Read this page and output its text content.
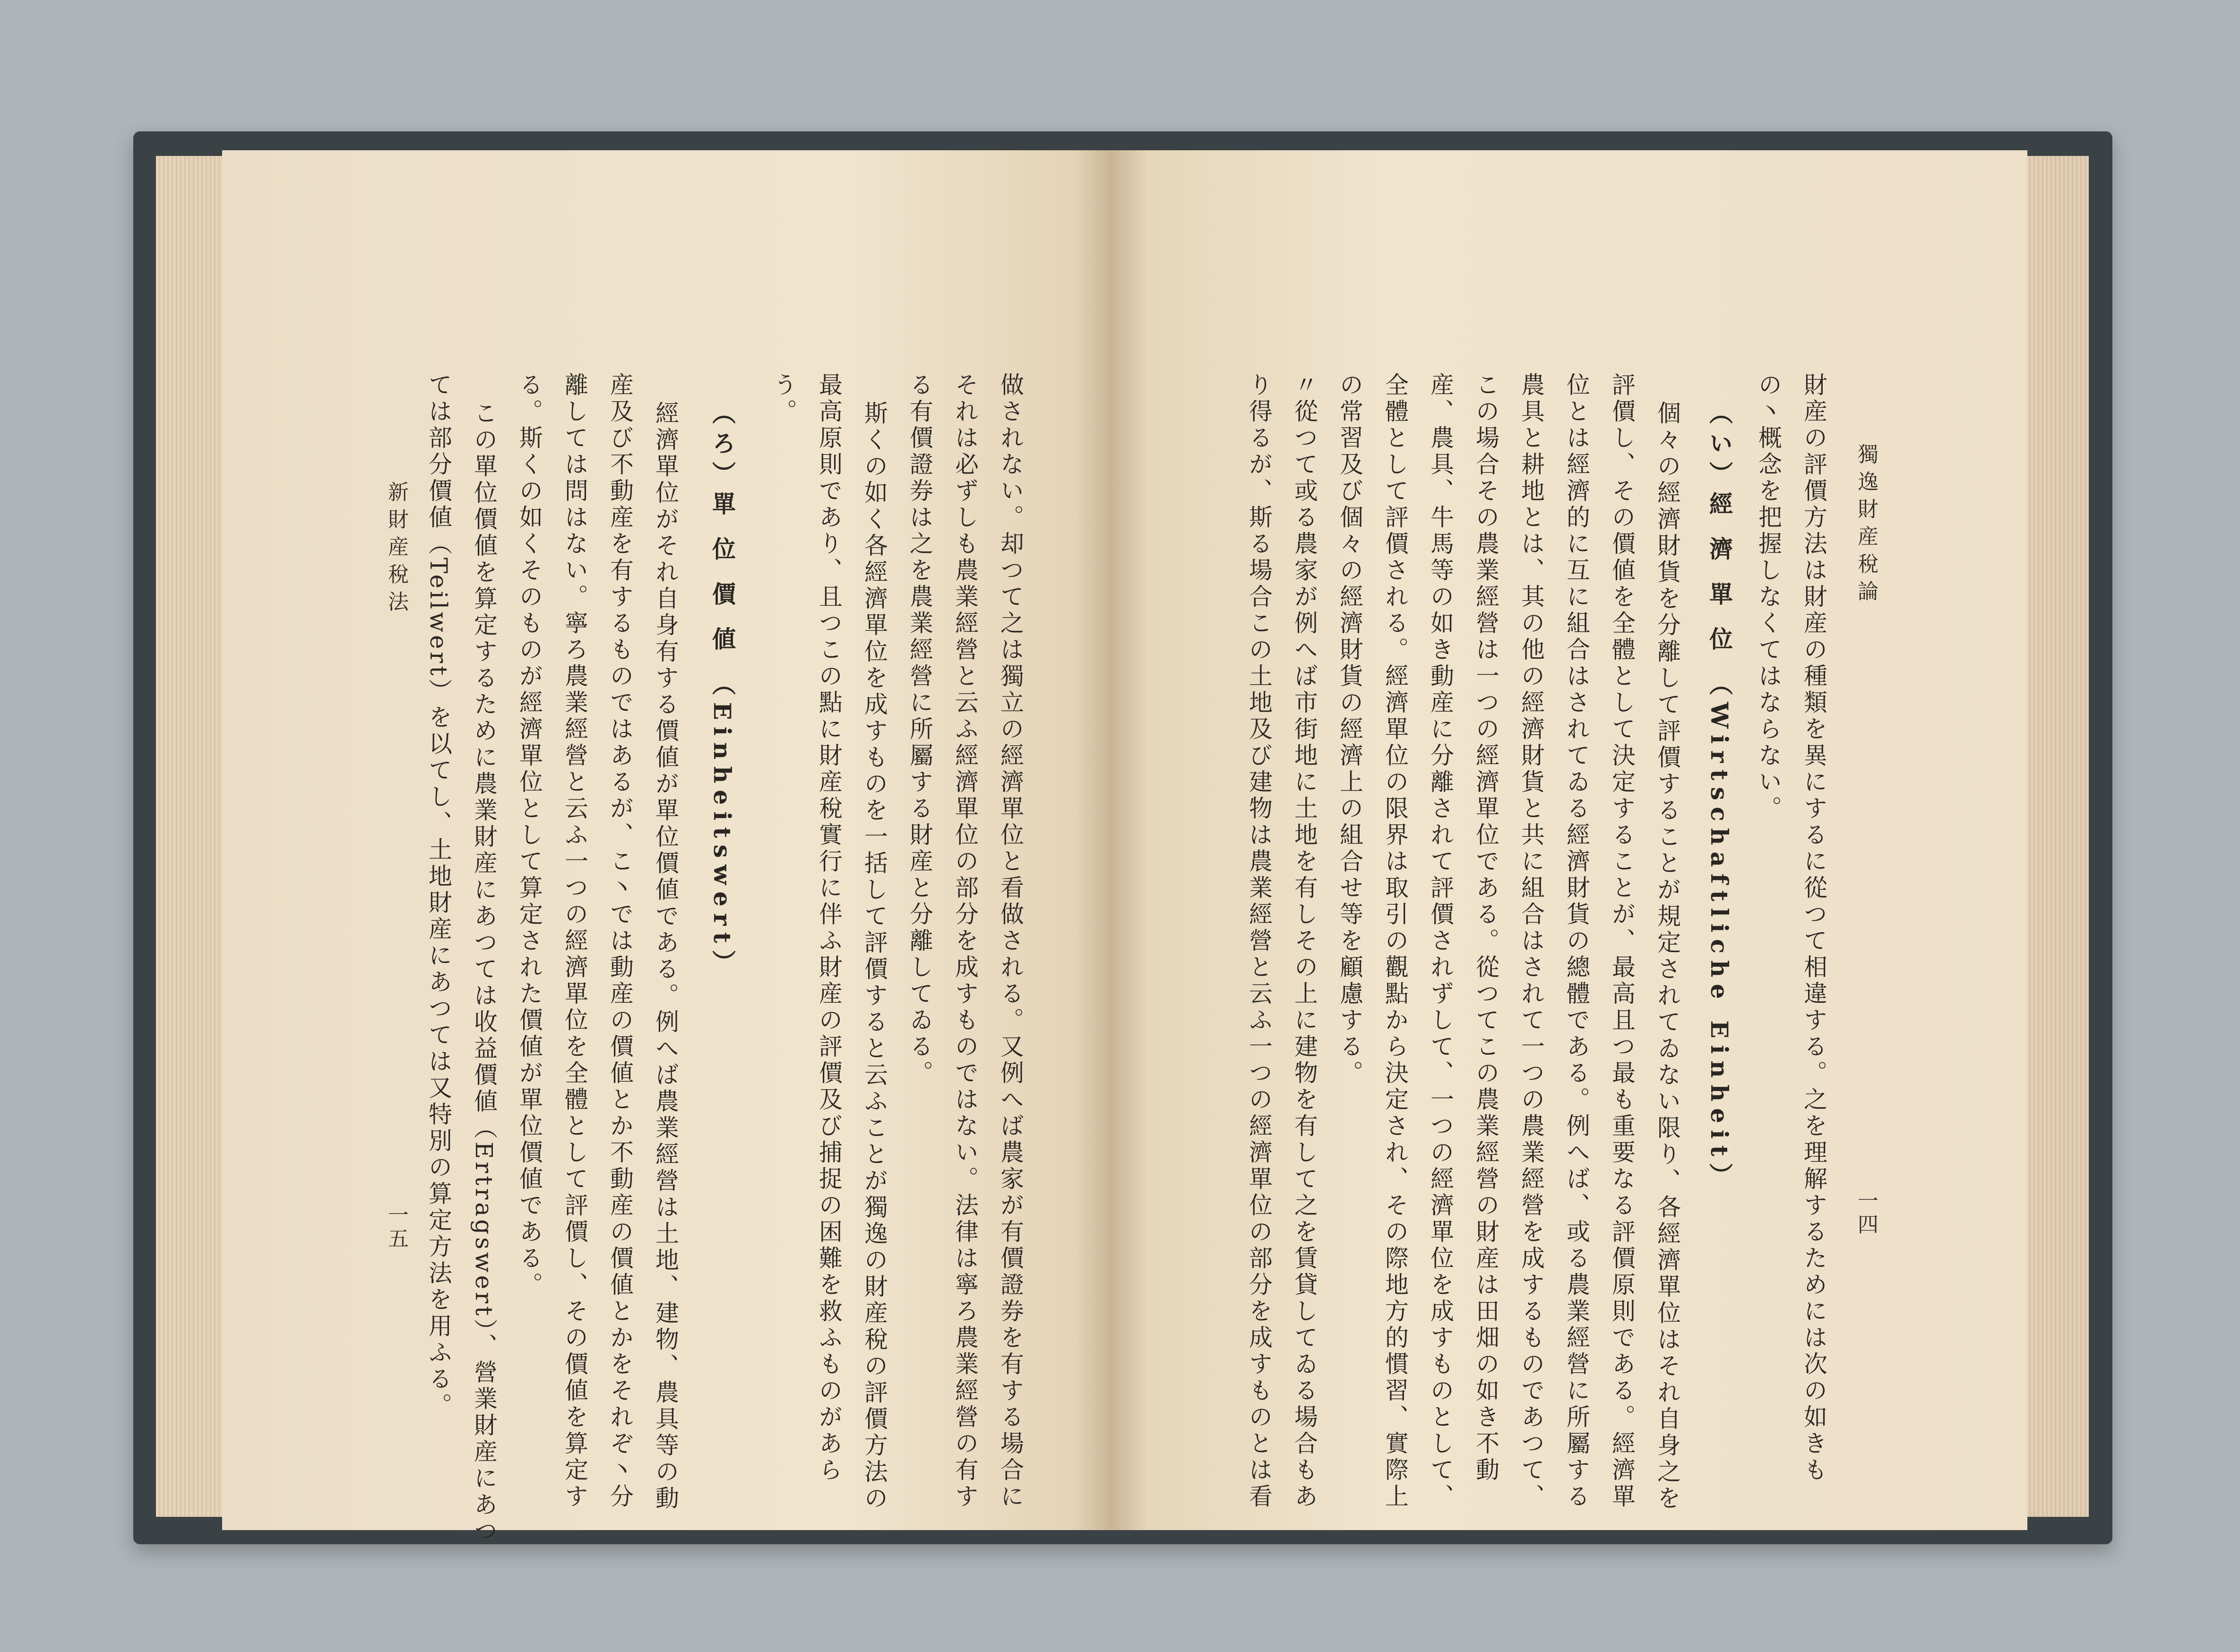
做されない。却つて之は獨立の經濟單位と看做される。又例へば農家が有價證券を有する場合に
それは必ずしも農業經營と云ふ經濟單位の部分を成すものではない。法律は寧ろ農業經營の有す
る有價證券は之を農業經營に所屬する財産と分離してゐる。
斯くの如く各經濟單位を成すものを一括して評價すると云ふことが獨逸の財産稅の評價方法の
最高原則であり、且つこの點に財産稅實行に伴ふ財産の評價及び捕捉の困難を救ふものがあら
う。
（ろ）單 位 價 値 （Einheitswert）
經濟單位がそれ自身有する價値が單位價値である。例へば農業經營は土地、建物、農具等の動
産及び不動産を有するものではあるが、こ丶では動産の價値とか不動産の價値とかをそれぞ丶分
離しては問はない。寧ろ農業經營と云ふ一つの經濟單位を全體として評價し、その價値を算定す
る。斯くの如くそのものが經濟單位として算定された價値が單位價値である。
この單位價値を算定するために農業財産にあつては收益價値（Ertragswert）、營業財産にあつ
ては部分價値（Teilwert）を以てし、土地財産にあつては又特別の算定方法を用ふる。
新財産稅法
一五
獨逸財産稅論
一四
財産の評價方法は財産の種類を異にするに從つて相違する。之を理解するためには次の如きも
の丶概念を把握しなくてはならない。
（い）經 濟 單 位 （Wirtschaftliche Einheit）
個々の經濟財貨を分離して評價することが規定されてゐない限り、各經濟單位はそれ自身之を
評價し、その價値を全體として決定することが、最高且つ最も重要なる評價原則である。經濟單
位とは經濟的に互に組合はされてゐる經濟財貨の總體である。例へば、或る農業經營に所屬する
農具と耕地とは、其の他の經濟財貨と共に組合はされて一つの農業經營を成するものであつて、
この場合その農業經營は一つの經濟單位である。從つてこの農業經營の財産は田畑の如き不動
産、農具、牛馬等の如き動産に分離されて評價されずして、一つの經濟單位を成すものとして、
全體として評價される。經濟單位の限界は取引の觀點から決定され、その際地方的慣習、實際上
の常習及び個々の經濟財貨の經濟上の組合せ等を顧慮する。
〃從つて或る農家が例へば市街地に土地を有しその上に建物を有して之を賃貸してゐる場合もあ
り得るが、斯る場合この土地及び建物は農業經營と云ふ一つの經濟單位の部分を成すものとは看
